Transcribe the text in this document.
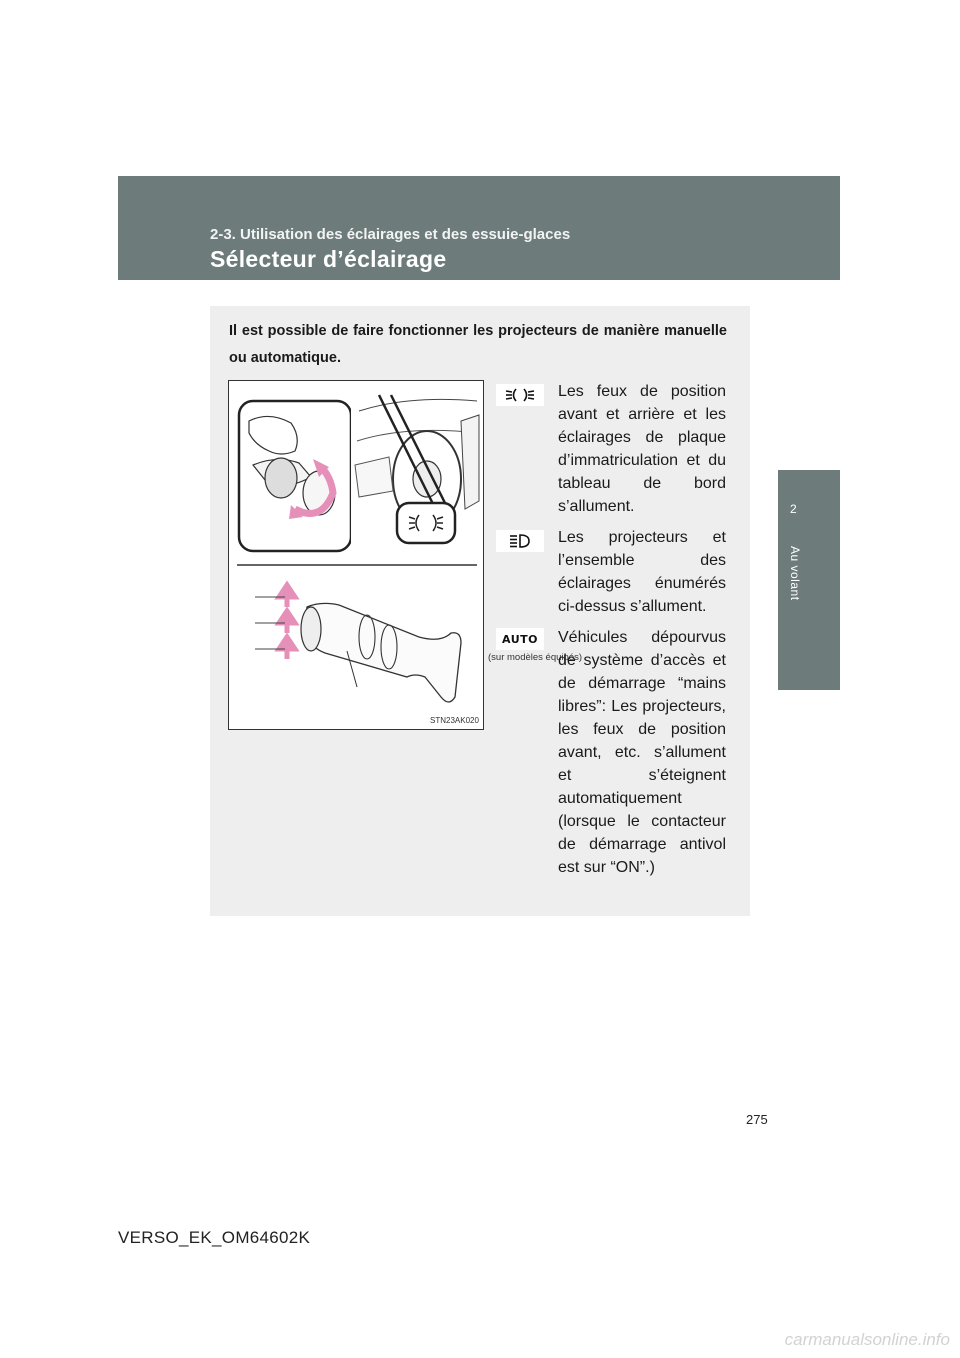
2-3. Utilisation des éclairages et des essuie-glaces
Sélecteur d’éclairage
2
Au volant
Il est possible de faire fonctionner les projecteurs de manière manuelle ou automatique.
STN23AK020
Les feux de position avant et arrière et les éclairages de plaque d’immatriculation et du tableau de bord s’allument.
Les projecteurs et l’ensemble des éclairages énumérés ci-dessus s’allument.
AUTO
(sur modèles équipés)
Véhicules dépourvus de système d’accès et de démarrage “mains libres”: Les projecteurs, les feux de position avant, etc. s’allument et s’éteignent automatiquement (lorsque le contacteur de démarrage antivol est sur “ON”.)
275
VERSO_EK_OM64602K
carmanualsonline.info
